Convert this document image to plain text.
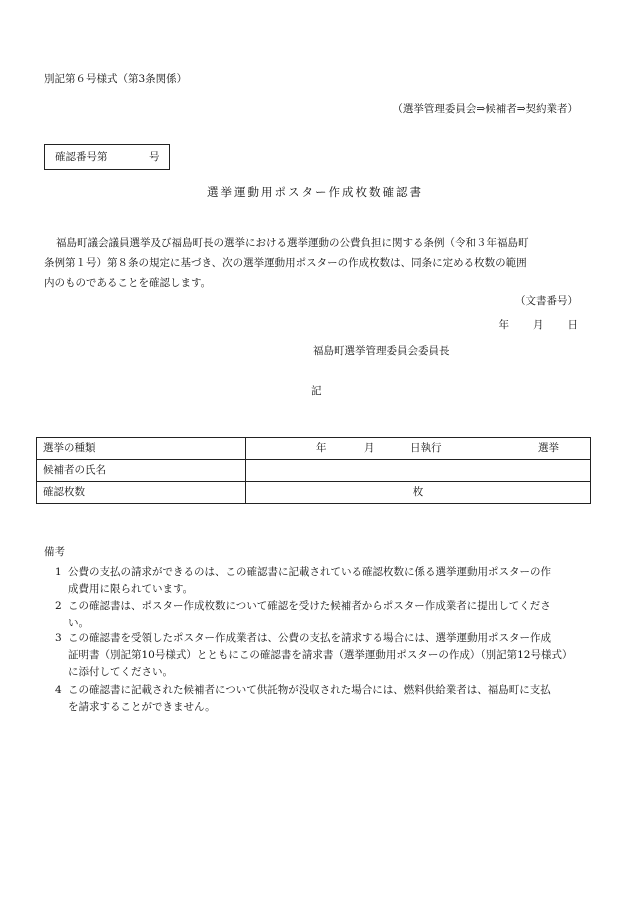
別記第６号様式（第3条関係）
（選挙管理委員会⇒候補者⇒契約業者）
確認番号第	号
選挙運動用ポスター作成枚数確認書
福島町議会議員選挙及び福島町長の選挙における選挙運動の公費負担に関する条例（令和３年福島町
条例第１号）第８条の規定に基づき、次の選挙運動用ポスターの作成枚数は、同条に定める枚数の範囲
内のものであることを確認します。
（文書番号）
年 月 日
福島町選挙管理委員会委員長
記
選挙の種類	年 月 日執行 選挙

候補者の氏名	
確認枚数	枚
備考
1 公費の支払の請求ができるのは、この確認書に記載されている確認枚数に係る選挙運動用ポスターの作
成費用に限られています。
2 この確認書は、ポスター作成枚数について確認を受けた候補者からポスター作成業者に提出してくださ
い。
3 この確認書を受領したポスター作成業者は、公費の支払を請求する場合には、選挙運動用ポスター作成
証明書（別記第10号様式）とともにこの確認書を請求書（選挙運動用ポスターの作成）（別記第12号様式）
に添付してください。
4 この確認書に記載された候補者について供託物が没収された場合には、燃料供給業者は、福島町に支払
を請求することができません。
